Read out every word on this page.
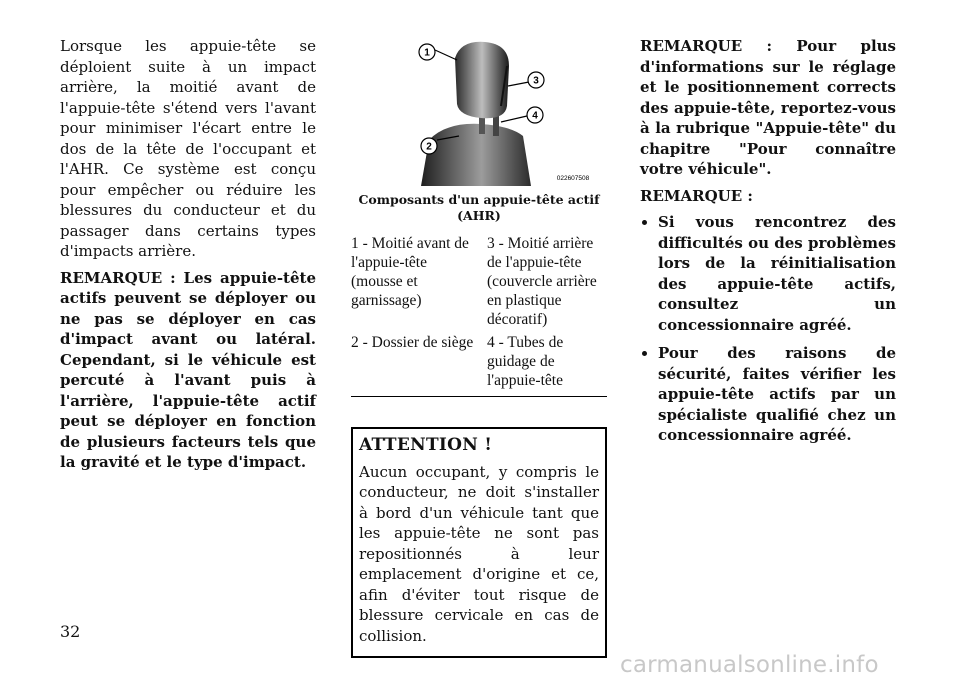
Lorsque les appuie-tête se déploient suite à un impact arrière, la moitié avant de l'appuie-tête s'étend vers l'avant pour minimiser l'écart entre le dos de la tête de l'occupant et l'AHR. Ce système est conçu pour empêcher ou réduire les blessures du conducteur et du passager dans certains types d'impacts arrière.

REMARQUE : Les appuie-tête actifs peuvent se déployer ou ne pas se déployer en cas d'impact avant ou latéral. Cependant, si le véhicule est percuté à l'avant puis à l'arrière, l'appuie-tête actif peut se déployer en fonction de plusieurs facteurs tels que la gravité et le type d'impact.

1
2
3
4
022607508
Composants d'un appuie-tête actif (AHR)
1 - Moitié avant de l'appuie-tête (mousse et garnissage)
3 - Moitié arrière de l'appuie-tête (couvercle arrière en plastique décoratif)
2 - Dossier de siège 4 - Tubes de guidage de l'appuie-tête
ATTENTION !
Aucun occupant, y compris le conducteur, ne doit s'installer à bord d'un véhicule tant que les appuie-tête ne sont pas repositionnés à leur emplacement d'origine et ce, afin d'éviter tout risque de blessure cervicale en cas de collision.

REMARQUE : Pour plus d'informations sur le réglage et le positionnement corrects des appuie-tête, reportez-vous à la rubrique "Appuie-tête" du chapitre "Pour connaître votre véhicule".

REMARQUE :

• Si vous rencontrez des difficultés ou des problèmes lors de la réinitialisation des appuie-tête actifs, consultez un concessionnaire agréé.
• Pour des raisons de sécurité, faites vérifier les appuie-tête actifs par un spécialiste qualifié chez un concessionnaire agréé.
32
carmanualsonline.info
